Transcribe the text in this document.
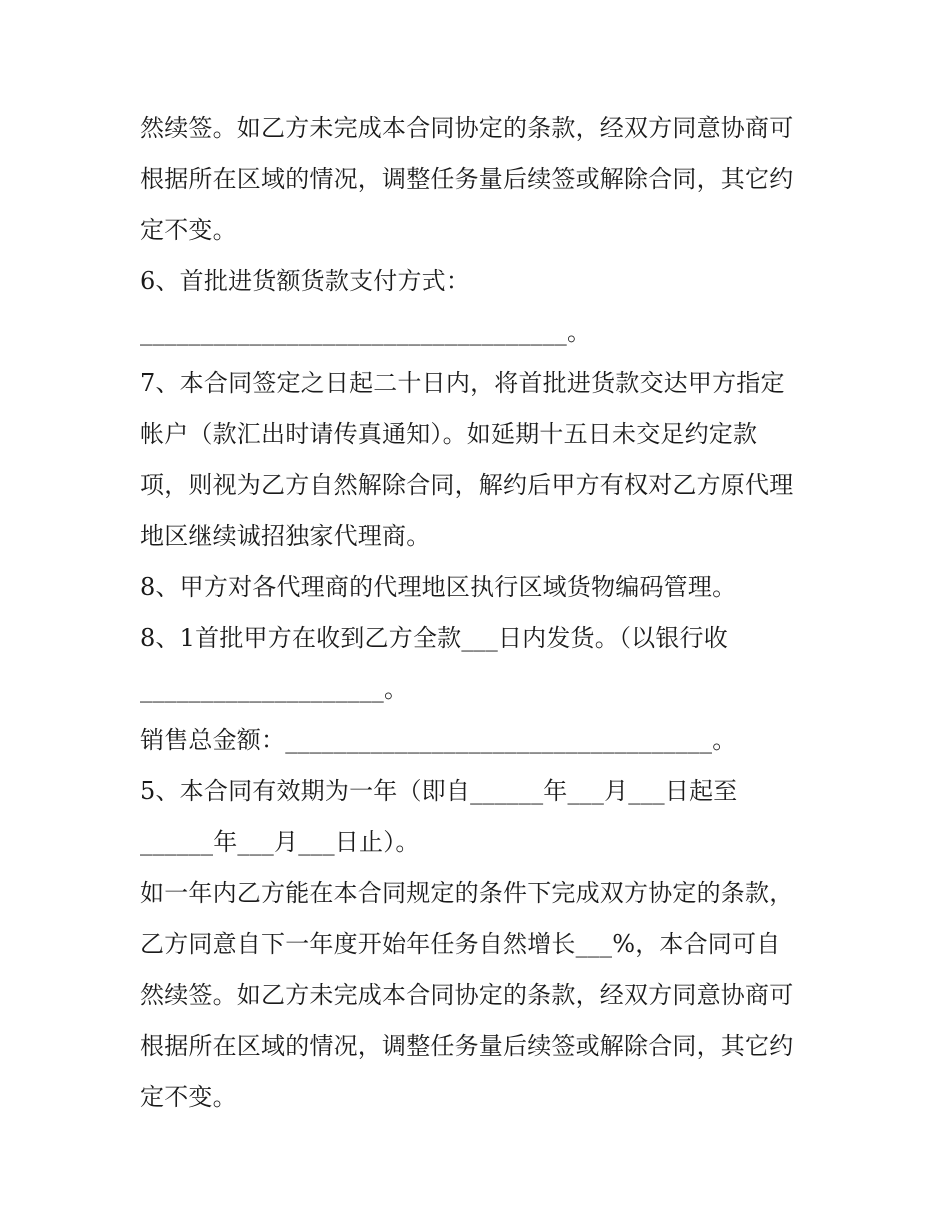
然续签。如乙方未完成本合同协定的条款，经双方同意协商可
根据所在区域的情况，调整任务量后续签或解除合同，其它约
定不变。
6、首批进货额货款支付方式：
___________________________________。
7、本合同签定之日起二十日内，将首批进货款交达甲方指定
帐户（款汇出时请传真通知）。如延期十五日未交足约定款
项，则视为乙方自然解除合同，解约后甲方有权对乙方原代理
地区继续诚招独家代理商。
8、甲方对各代理商的代理地区执行区域货物编码管理。
8、1首批甲方在收到乙方全款___日内发货。（以银行收
____________________。
销售总金额：___________________________________。
5、本合同有效期为一年（即自______年___月___日起至
______年___月___日止）。
如一年内乙方能在本合同规定的条件下完成双方协定的条款，
乙方同意自下一年度开始年任务自然增长___%，本合同可自
然续签。如乙方未完成本合同协定的条款，经双方同意协商可
根据所在区域的情况，调整任务量后续签或解除合同，其它约
定不变。
